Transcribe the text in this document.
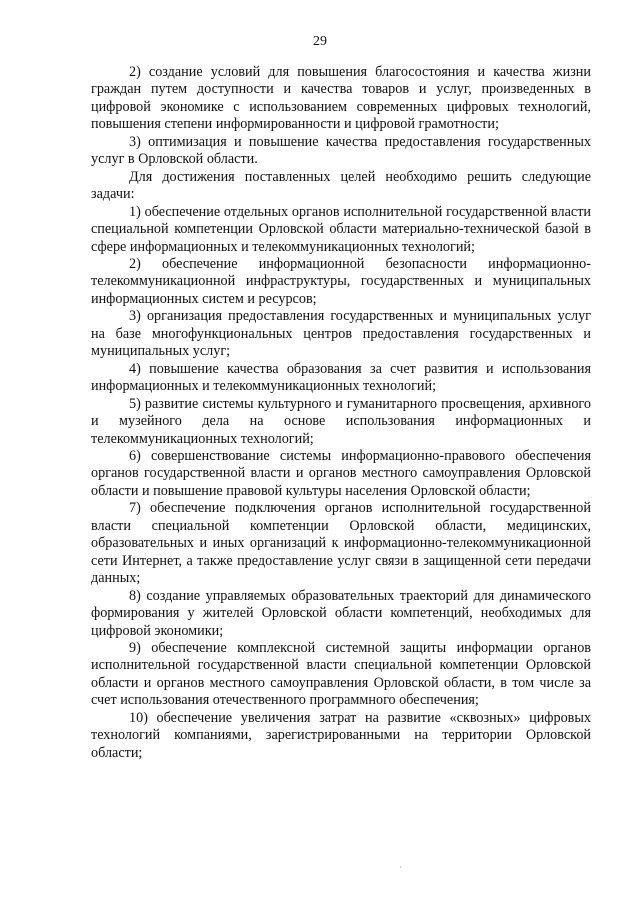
29

2) создание условий для повышения благосостояния и качества жизни граждан путем доступности и качества товаров и услуг, произведенных в цифровой экономике с использованием современных цифровых технологий, повышения степени информированности и цифровой грамотности;

3) оптимизация и повышение качества предоставления государственных услуг в Орловской области.

Для достижения поставленных целей необходимо решить следующие задачи:

1) обеспечение отдельных органов исполнительной государственной власти специальной компетенции Орловской области материально-технической базой в сфере информационных и телекоммуникационных технологий;

2) обеспечение информационной безопасности информационно-телекоммуникационной инфраструктуры, государственных и муниципальных информационных систем и ресурсов;

3) организация предоставления государственных и муниципальных услуг на базе многофункциональных центров предоставления государственных и муниципальных услуг;

4) повышение качества образования за счет развития и использования информационных и телекоммуникационных технологий;

5) развитие системы культурного и гуманитарного просвещения, архивного и музейного дела на основе использования информационных и телекоммуникационных технологий;

6) совершенствование системы информационно-правового обеспечения органов государственной власти и органов местного самоуправления Орловской области и повышение правовой культуры населения Орловской области;

7) обеспечение подключения органов исполнительной государственной власти специальной компетенции Орловской области, медицинских, образовательных и иных организаций к информационно-телекоммуникационной сети Интернет, а также предоставление услуг связи в защищенной сети передачи данных;

8) создание управляемых образовательных траекторий для динамического формирования у жителей Орловской области компетенций, необходимых для цифровой экономики;

9) обеспечение комплексной системной защиты информации органов исполнительной государственной власти специальной компетенции Орловской области и органов местного самоуправления Орловской области, в том числе за счет использования отечественного программного обеспечения;

10) обеспечение увеличения затрат на развитие «сквозных» цифровых технологий компаниями, зарегистрированными на территории Орловской области;
